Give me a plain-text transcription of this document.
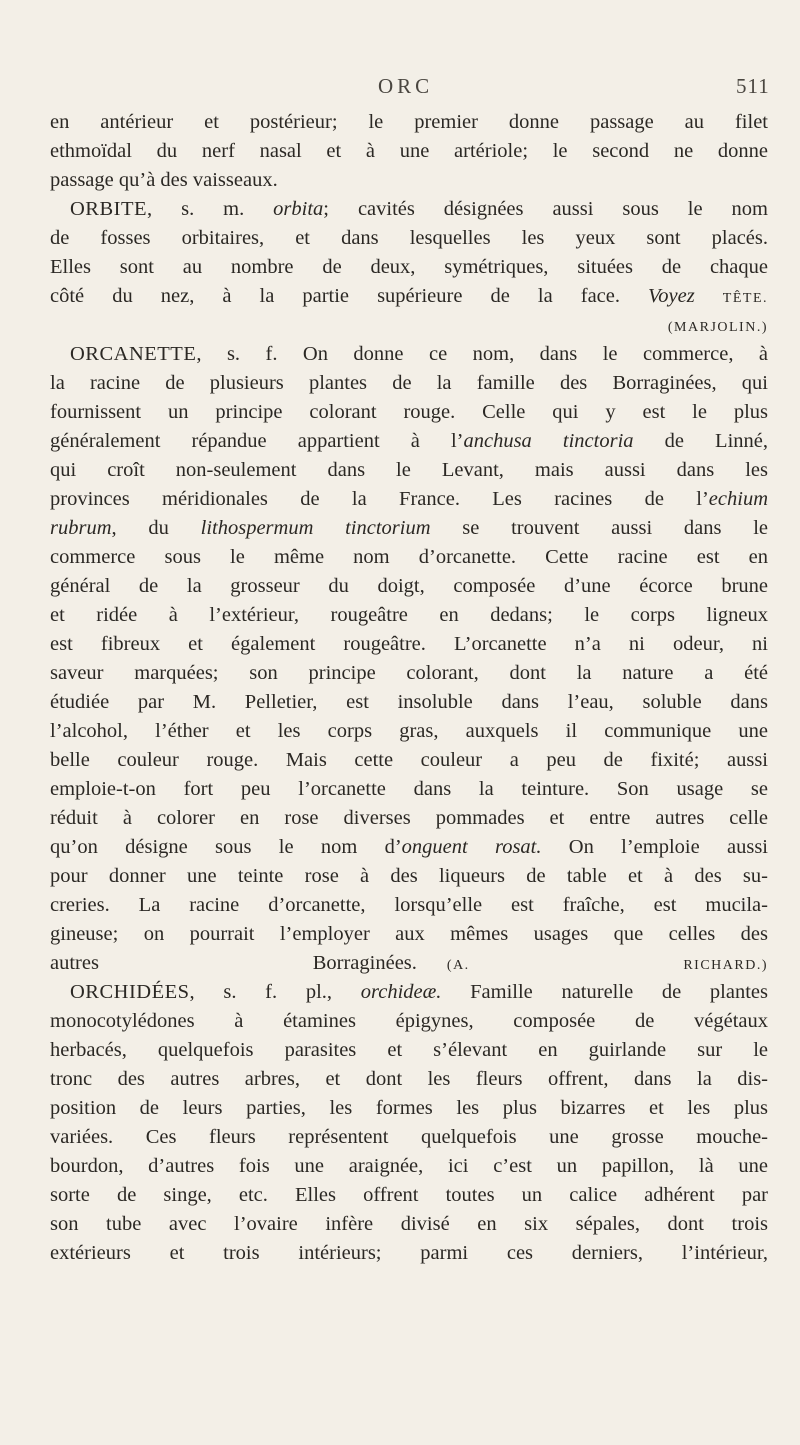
ORC	511
en antérieur et postérieur; le premier donne passage au filet
ethmoïdal du nerf nasal et à une artériole; le second ne donne
passage qu’à des vaisseaux.
ORBITE, s. m. orbita; cavités désignées aussi sous le nom
de fosses orbitaires, et dans lesquelles les yeux sont placés.
Elles sont au nombre de deux, symétriques, situées de chaque
côté du nez, à la partie supérieure de la face. Voyez TÊTE.
(MARJOLIN.)
ORCANETTE, s. f. On donne ce nom, dans le commerce, à
la racine de plusieurs plantes de la famille des Borraginées, qui
fournissent un principe colorant rouge. Celle qui y est le plus
généralement répandue appartient à l’anchusa tinctoria de Linné,
qui croît non-seulement dans le Levant, mais aussi dans les
provinces méridionales de la France. Les racines de l’echium
rubrum, du lithospermum tinctorium se trouvent aussi dans le
commerce sous le même nom d’orcanette. Cette racine est en
général de la grosseur du doigt, composée d’une écorce brune
et ridée à l’extérieur, rougeâtre en dedans; le corps ligneux
est fibreux et également rougeâtre. L’orcanette n’a ni odeur, ni
saveur marquées; son principe colorant, dont la nature a été
étudiée par M. Pelletier, est insoluble dans l’eau, soluble dans
l’alcohol, l’éther et les corps gras, auxquels il communique une
belle couleur rouge. Mais cette couleur a peu de fixité; aussi
emploie-t-on fort peu l’orcanette dans la teinture. Son usage se
réduit à colorer en rose diverses pommades et entre autres celle
qu’on désigne sous le nom d’onguent rosat. On l’emploie aussi
pour donner une teinte rose à des liqueurs de table et à des su-
creries. La racine d’orcanette, lorsqu’elle est fraîche, est mucila-
gineuse; on pourrait l’employer aux mêmes usages que celles des
autres Borraginées. (A. RICHARD.)
ORCHIDÉES, s. f. pl., orchideæ. Famille naturelle de plantes
monocotylédones à étamines épigynes, composée de végétaux
herbacés, quelquefois parasites et s’élevant en guirlande sur le
tronc des autres arbres, et dont les fleurs offrent, dans la dis-
position de leurs parties, les formes les plus bizarres et les plus
variées. Ces fleurs représentent quelquefois une grosse mouche-
bourdon, d’autres fois une araignée, ici c’est un papillon, là une
sorte de singe, etc. Elles offrent toutes un calice adhérent par
son tube avec l’ovaire infère divisé en six sépales, dont trois
extérieurs et trois intérieurs; parmi ces derniers, l’intérieur,
